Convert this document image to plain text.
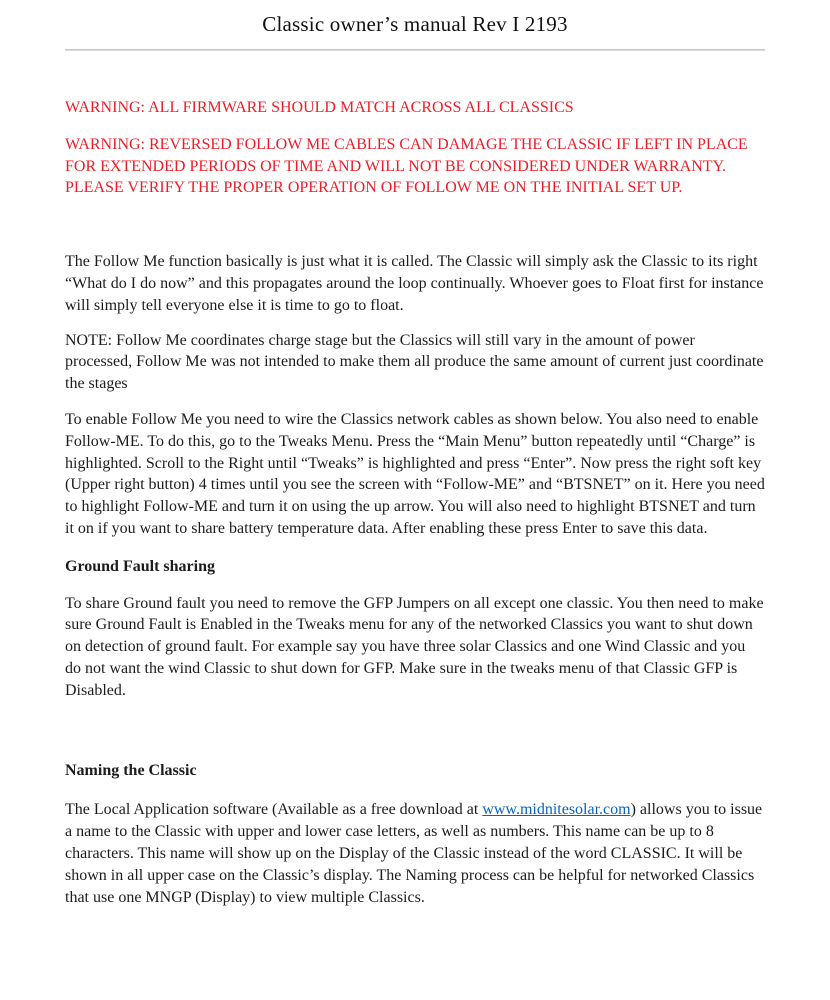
Classic owner’s manual Rev I 2193

WARNING: ALL FIRMWARE SHOULD MATCH ACROSS ALL CLASSICS

WARNING: REVERSED FOLLOW ME CABLES CAN DAMAGE THE CLASSIC IF LEFT IN PLACE FOR EXTENDED PERIODS OF TIME AND WILL NOT BE CONSIDERED UNDER WARRANTY. PLEASE VERIFY THE PROPER OPERATION OF FOLLOW ME ON THE INITIAL SET UP.

The Follow Me function basically is just what it is called. The Classic will simply ask the Classic to its right “What do I do now” and this propagates around the loop continually. Whoever goes to Float first for instance will simply tell everyone else it is time to go to float.

NOTE: Follow Me coordinates charge stage but the Classics will still vary in the amount of power processed, Follow Me was not intended to make them all produce the same amount of current just coordinate the stages

To enable Follow Me you need to wire the Classics network cables as shown below. You also need to enable Follow-ME. To do this, go to the Tweaks Menu. Press the “Main Menu” button repeatedly until “Charge” is highlighted. Scroll to the Right until “Tweaks” is highlighted and press “Enter”. Now press the right soft key (Upper right button) 4 times until you see the screen with “Follow-ME” and “BTSNET” on it. Here you need to highlight Follow-ME and turn it on using the up arrow. You will also need to highlight BTSNET and turn it on if you want to share battery temperature data. After enabling these press Enter to save this data.

Ground Fault sharing

To share Ground fault you need to remove the GFP Jumpers on all except one classic. You then need to make sure Ground Fault is Enabled in the Tweaks menu for any of the networked Classics you want to shut down on detection of ground fault. For example say you have three solar Classics and one Wind Classic and you do not want the wind Classic to shut down for GFP. Make sure in the tweaks menu of that Classic GFP is Disabled.

Naming the Classic

The Local Application software (Available as a free download at www.midnitesolar.com) allows you to issue a name to the Classic with upper and lower case letters, as well as numbers. This name can be up to 8 characters. This name will show up on the Display of the Classic instead of the word CLASSIC. It will be shown in all upper case on the Classic’s display. The Naming process can be helpful for networked Classics that use one MNGP (Display) to view multiple Classics.
